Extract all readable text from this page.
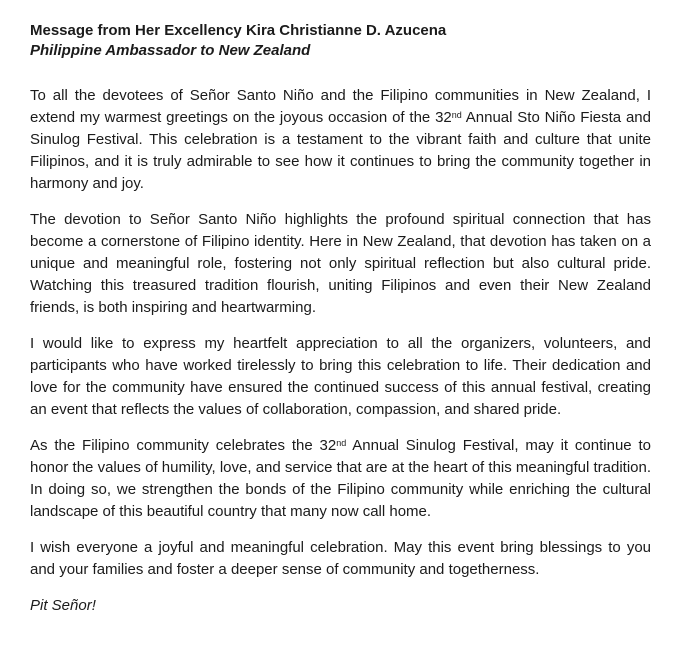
Message from Her Excellency Kira Christianne D. Azucena
Philippine Ambassador to New Zealand

To all the devotees of Señor Santo Niño and the Filipino communities in New Zealand, I extend my warmest greetings on the joyous occasion of the 32nd Annual Sto Niño Fiesta and Sinulog Festival. This celebration is a testament to the vibrant faith and culture that unite Filipinos, and it is truly admirable to see how it continues to bring the community together in harmony and joy.

The devotion to Señor Santo Niño highlights the profound spiritual connection that has become a cornerstone of Filipino identity. Here in New Zealand, that devotion has taken on a unique and meaningful role, fostering not only spiritual reflection but also cultural pride. Watching this treasured tradition flourish, uniting Filipinos and even their New Zealand friends, is both inspiring and heartwarming.

I would like to express my heartfelt appreciation to all the organizers, volunteers, and participants who have worked tirelessly to bring this celebration to life. Their dedication and love for the community have ensured the continued success of this annual festival, creating an event that reflects the values of collaboration, compassion, and shared pride.

As the Filipino community celebrates the 32nd Annual Sinulog Festival, may it continue to honor the values of humility, love, and service that are at the heart of this meaningful tradition. In doing so, we strengthen the bonds of the Filipino community while enriching the cultural landscape of this beautiful country that many now call home.

I wish everyone a joyful and meaningful celebration. May this event bring blessings to you and your families and foster a deeper sense of community and togetherness.

Pit Señor!
